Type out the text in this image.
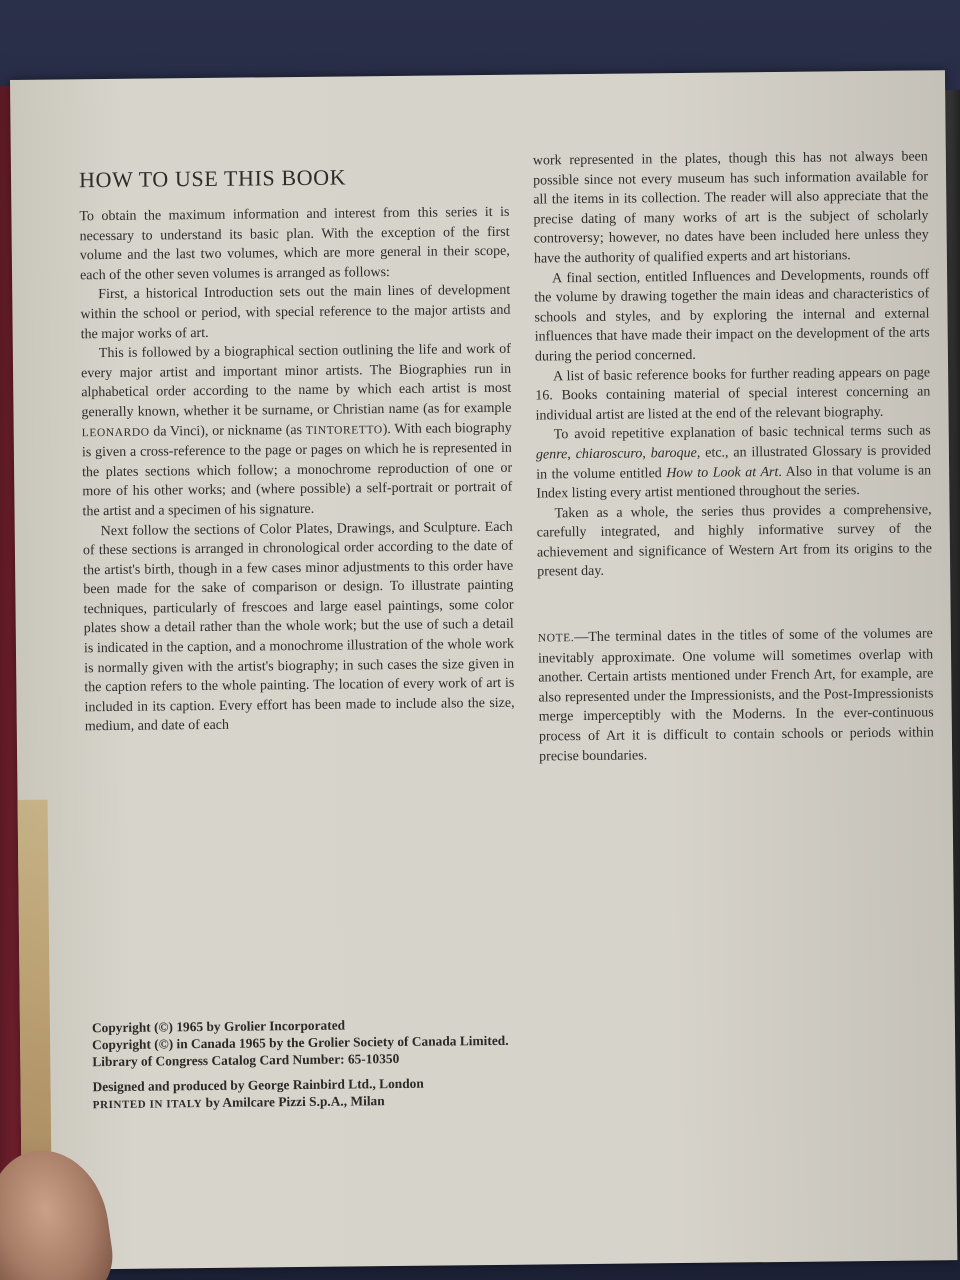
HOW TO USE THIS BOOK

To obtain the maximum information and interest from this series it is necessary to understand its basic plan. With the exception of the first volume and the last two volumes, which are more general in their scope, each of the other seven volumes is arranged as follows:

First, a historical Introduction sets out the main lines of development within the school or period, with special reference to the major artists and the major works of art.

This is followed by a biographical section outlining the life and work of every major artist and important minor artists. The Biographies run in alphabetical order according to the name by which each artist is most generally known, whether it be surname, or Christian name (as for example LEONARDO da Vinci), or nickname (as TINTORETTO). With each biography is given a cross-reference to the page or pages on which he is represented in the plates sections which follow; a monochrome reproduction of one or more of his other works; and (where possible) a self-portrait or portrait of the artist and a specimen of his signature.

Next follow the sections of Color Plates, Drawings, and Sculpture. Each of these sections is arranged in chronological order according to the date of the artist's birth, though in a few cases minor adjustments to this order have been made for the sake of comparison or design. To illustrate painting techniques, particularly of frescoes and large easel paintings, some color plates show a detail rather than the whole work; but the use of such a detail is indicated in the caption, and a monochrome illustration of the whole work is normally given with the artist's biography; in such cases the size given in the caption refers to the whole painting. The location of every work of art is included in its caption. Every effort has been made to include also the size, medium, and date of each

work represented in the plates, though this has not always been possible since not every museum has such information available for all the items in its collection. The reader will also appreciate that the precise dating of many works of art is the subject of scholarly controversy; however, no dates have been included here unless they have the authority of qualified experts and art historians.

A final section, entitled Influences and Developments, rounds off the volume by drawing together the main ideas and characteristics of schools and styles, and by exploring the internal and external influences that have made their impact on the development of the arts during the period concerned.

A list of basic reference books for further reading appears on page 16. Books containing material of special interest concerning an individual artist are listed at the end of the relevant biography.

To avoid repetitive explanation of basic technical terms such as genre, chiaroscuro, baroque, etc., an illustrated Glossary is provided in the volume entitled How to Look at Art. Also in that volume is an Index listing every artist mentioned throughout the series.

Taken as a whole, the series thus provides a comprehensive, carefully integrated, and highly informative survey of the achievement and significance of Western Art from its origins to the present day.

NOTE.—The terminal dates in the titles of some of the volumes are inevitably approximate. One volume will sometimes overlap with another. Certain artists mentioned under French Art, for example, are also represented under the Impressionists, and the Post-Impressionists merge imperceptibly with the Moderns. In the ever-continuous process of Art it is difficult to contain schools or periods within precise boundaries.

Copyright (©) 1965 by Grolier Incorporated
Copyright (©) in Canada 1965 by the Grolier Society of Canada Limited.
Library of Congress Catalog Card Number: 65-10350
Designed and produced by George Rainbird Ltd., London
PRINTED IN ITALY by Amilcare Pizzi S.p.A., Milan
